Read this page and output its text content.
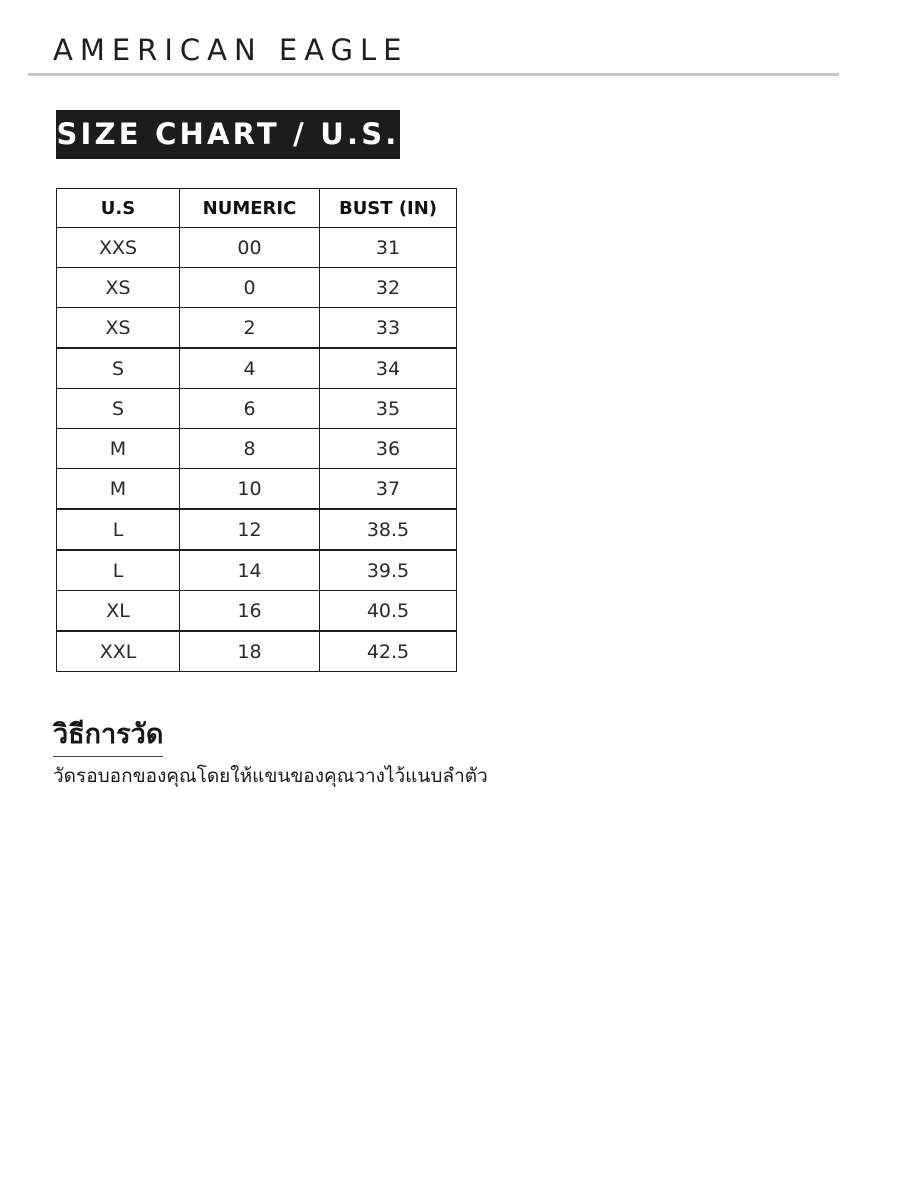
AMERICAN EAGLE
SIZE CHART / U.S.
U.S	NUMERIC	BUST (IN)
XXS	00	31
XS	0	32
XS	2	33
S	4	34
S	6	35
M	8	36
M	10	37
L	12	38.5
L	14	39.5
XL	16	40.5
XXL	18	42.5
วิธีการวัด
วัดรอบอกของคุณโดยให้แขนของคุณวางไว้แนบลำตัว
